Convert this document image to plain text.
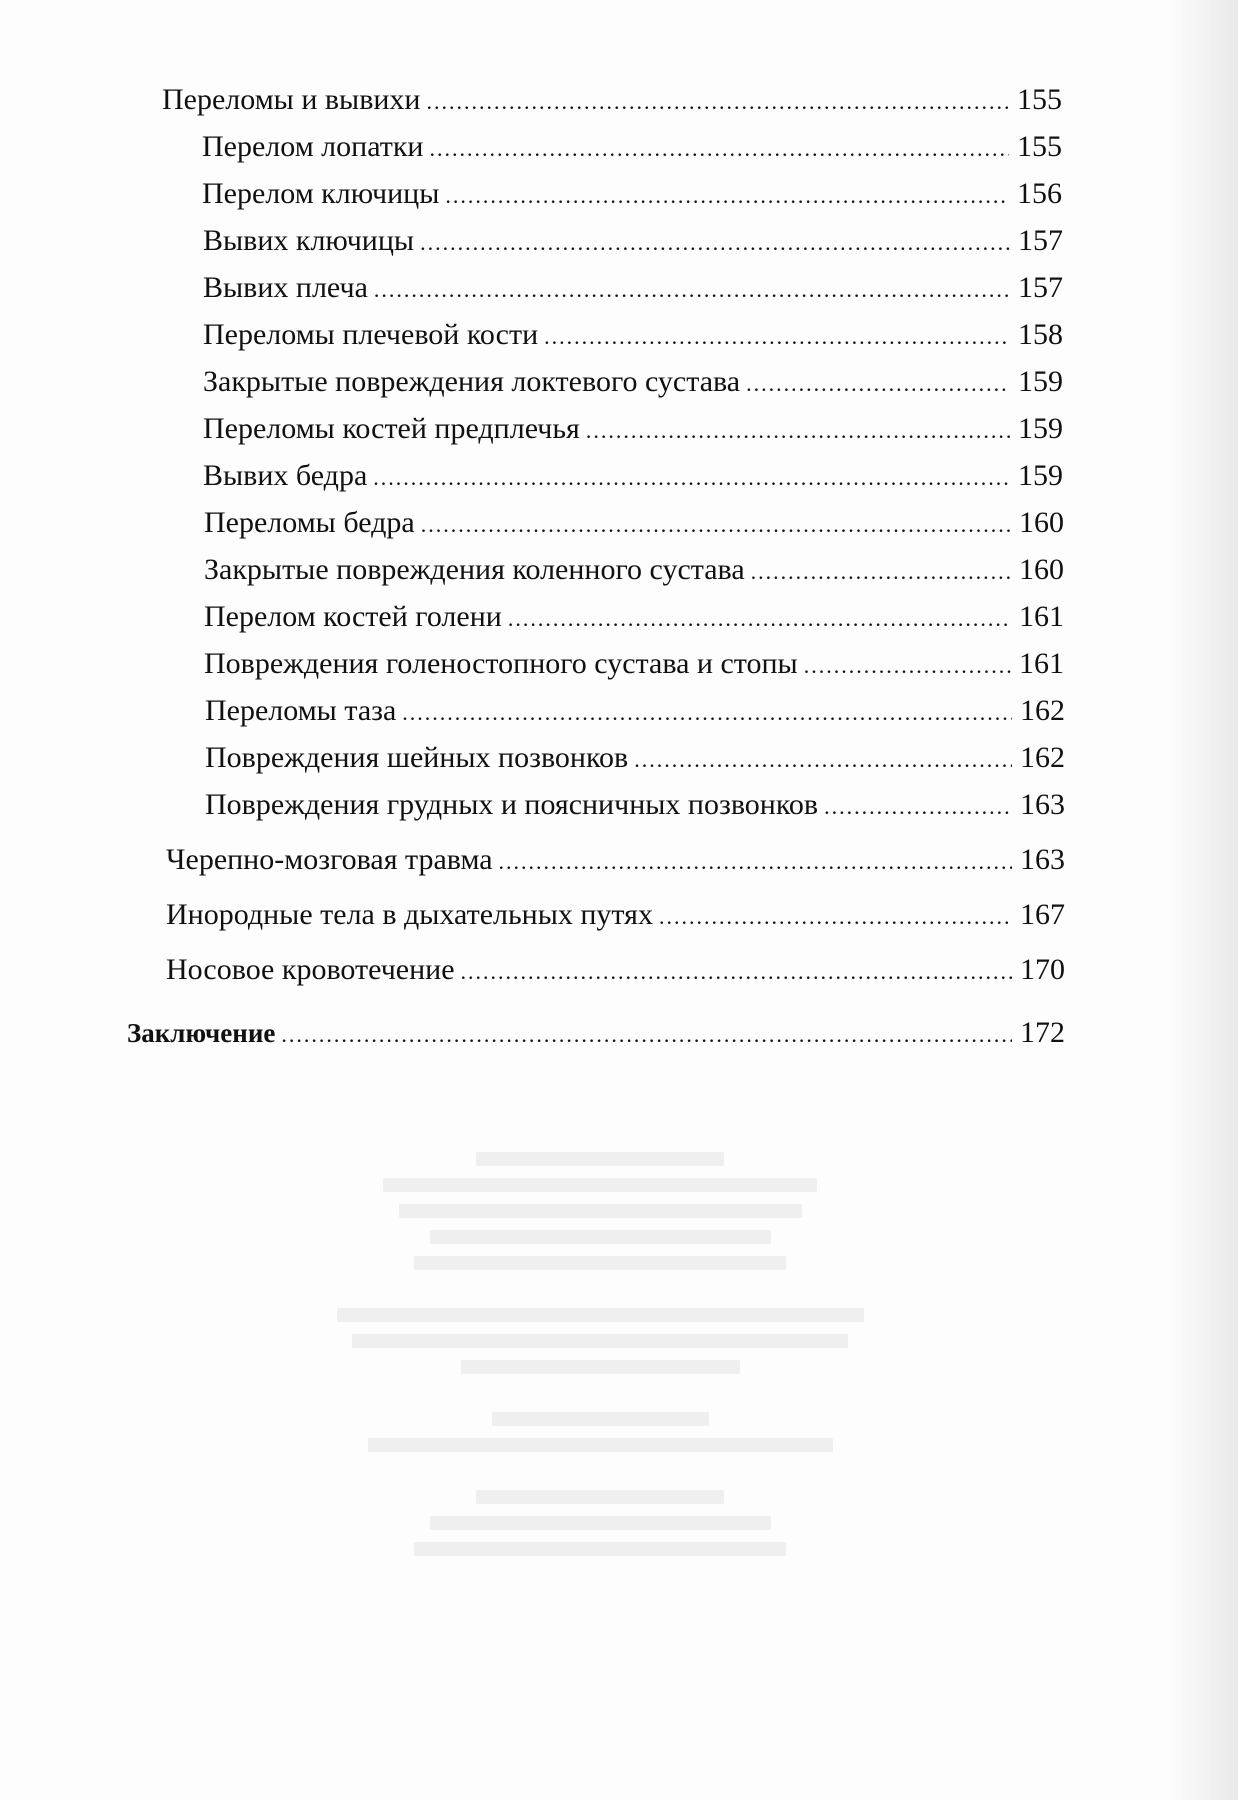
Переломы и вывихи .....	155
Перелом лопатки .....	155
Перелом ключицы .....	156
Вывих ключицы .....	157
Вывих плеча .....	157
Переломы плечевой кости .....	158
Закрытые повреждения локтевого сустава .....	159
Переломы костей предплечья .....	159
Вывих бедра .....	159
Переломы бедра .....	160
Закрытые повреждения коленного сустава .....	160
Перелом костей голени .....	161
Повреждения голеностопного сустава и стопы .....	161
Переломы таза .....	162
Повреждения шейных позвонков .....	162
Повреждения грудных и поясничных позвонков .....	163
Черепно-мозговая травма .....	163
Инородные тела в дыхательных путях .....	167
Носовое кровотечение .....	170
Заключение .....	172
